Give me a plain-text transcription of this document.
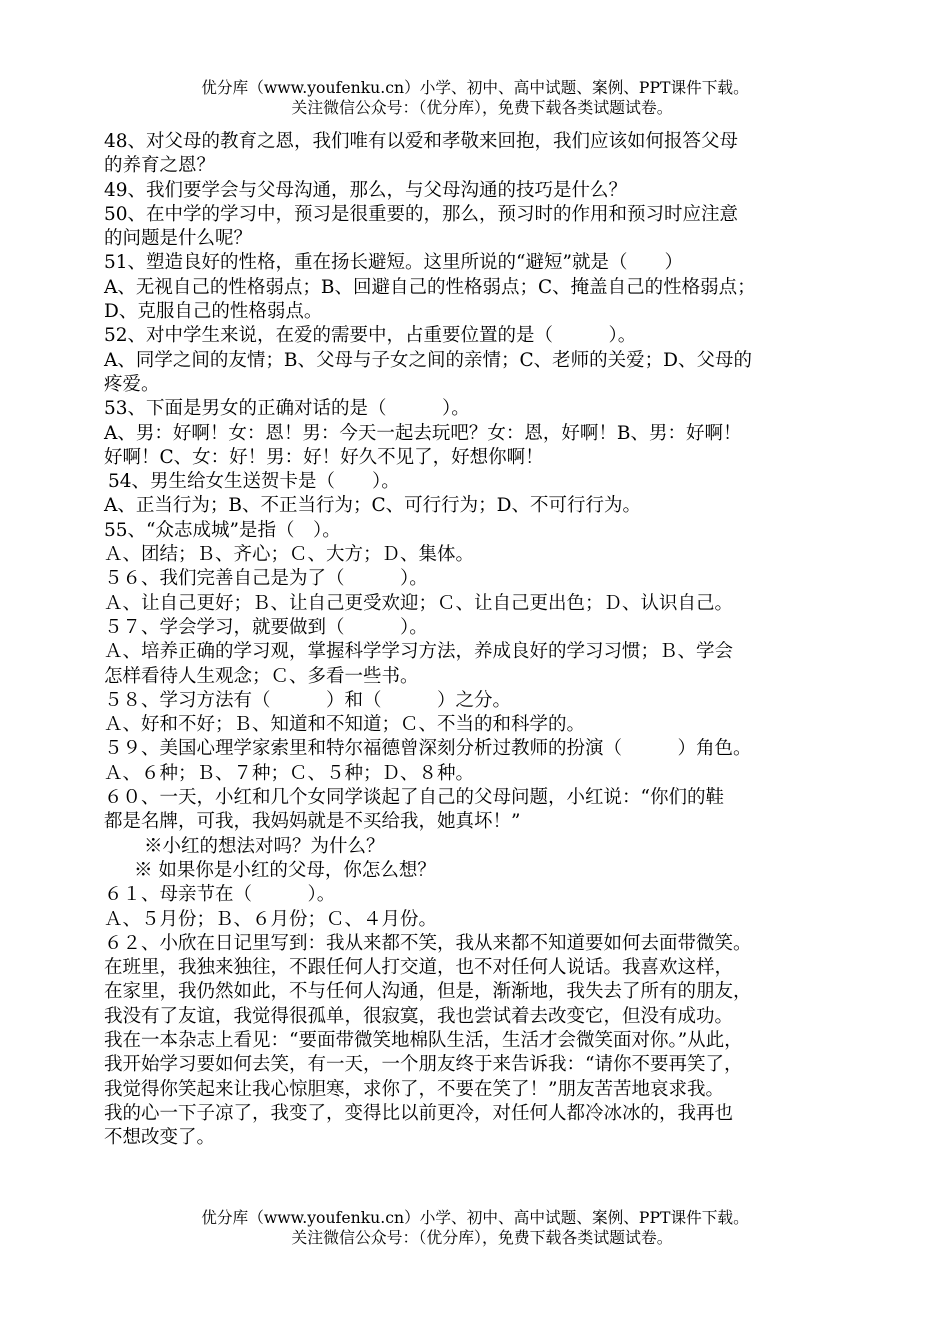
优分库（www.youfenku.cn）小学、初中、高中试题、案例、PPT课件下载。
关注微信公众号：（优分库），免费下载各类试题试卷。
48、对父母的教育之恩，我们唯有以爱和孝敬来回抱，我们应该如何报答父母
的养育之恩？
49、我们要学会与父母沟通，那么，与父母沟通的技巧是什么？
50、在中学的学习中，预习是很重要的，那么，预习时的作用和预习时应注意
的问题是什么呢？
51、塑造良好的性格，重在扬长避短。这里所说的“避短”就是（　　）
A、无视自己的性格弱点；B、回避自己的性格弱点；C、掩盖自己的性格弱点；
D、克服自己的性格弱点。
52、对中学生来说，在爱的需要中，占重要位置的是（　　　）。
A、同学之间的友情；B、父母与子女之间的亲情；C、老师的关爱；D、父母的
疼爱。
53、下面是男女的正确对话的是（　　　）。
A、男：好啊！女：恩！男：今天一起去玩吧？女：恩，好啊！B、男：好啊！
好啊！C、女：好！男：好！好久不见了，好想你啊！
54、男生给女生送贺卡是（　　）。
A、正当行为；B、不正当行为；C、可行行为；D、不可行行为。
55、“众志成城”是指（　）。
Ａ、团结；Ｂ、齐心；Ｃ、大方；Ｄ、集体。
５６、我们完善自己是为了（　　　）。
Ａ、让自己更好；Ｂ、让自己更受欢迎；Ｃ、让自己更出色；Ｄ、认识自己。
５７、学会学习，就要做到（　　　）。
Ａ、培养正确的学习观，掌握科学学习方法，养成良好的学习习惯；Ｂ、学会
怎样看待人生观念；Ｃ、多看一些书。
５８、学习方法有（　　　）和（　　　）之分。
Ａ、好和不好；Ｂ、知道和不知道；Ｃ、不当的和科学的。
５９、美国心理学家索里和特尔福德曾深刻分析过教师的扮演（　　　）角色。
Ａ、６种；Ｂ、７种；Ｃ、５种；Ｄ、８种。
６０、一天，小红和几个女同学谈起了自己的父母问题，小红说：“你们的鞋
都是名牌，可我，我妈妈就是不买给我，她真坏！”
※小红的想法对吗？为什么？
※ 如果你是小红的父母，你怎么想？
６１、母亲节在（　　　）。
Ａ、５月份；Ｂ、６月份；Ｃ、４月份。
６２、小欣在日记里写到：我从来都不笑，我从来都不知道要如何去面带微笑。
在班里，我独来独往，不跟任何人打交道，也不对任何人说话。我喜欢这样，
在家里，我仍然如此，不与任何人沟通，但是，渐渐地，我失去了所有的朋友，
我没有了友谊，我觉得很孤单，很寂寞，我也尝试着去改变它，但没有成功。
我在一本杂志上看见：“要面带微笑地棉队生活，生活才会微笑面对你。”从此，
我开始学习要如何去笑，有一天，一个朋友终于来告诉我：“请你不要再笑了，
我觉得你笑起来让我心惊胆寒，求你了，不要在笑了！”朋友苦苦地哀求我。
我的心一下子凉了，我变了，变得比以前更冷，对任何人都冷冰冰的，我再也
不想改变了。
优分库（www.youfenku.cn）小学、初中、高中试题、案例、PPT课件下载。
关注微信公众号：（优分库），免费下载各类试题试卷。
